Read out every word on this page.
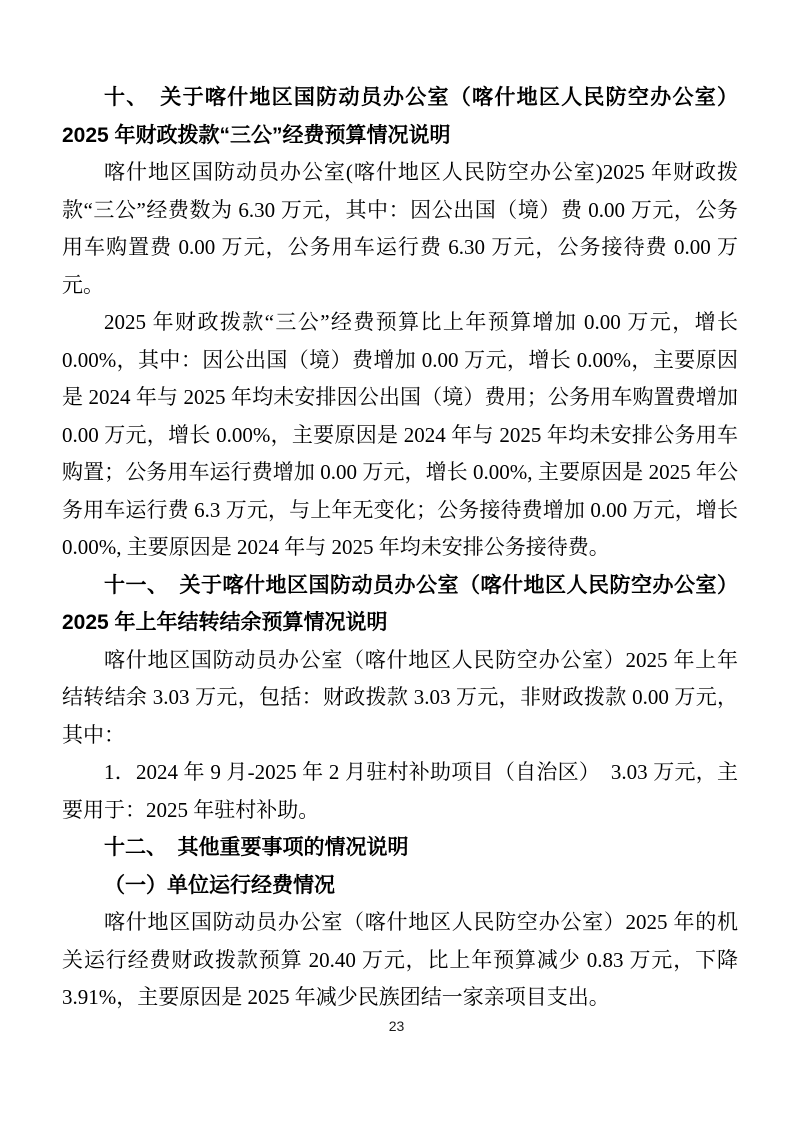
十、　关于喀什地区国防动员办公室（喀什地区人民防空办公室）2025 年财政拨款“三公”经费预算情况说明
喀什地区国防动员办公室(喀什地区人民防空办公室)2025 年财政拨款“三公”经费数为 6.30 万元，其中：因公出国（境）费 0.00 万元，公务用车购置费 0.00 万元，公务用车运行费 6.30 万元，公务接待费 0.00 万元。
2025 年财政拨款“三公”经费预算比上年预算增加 0.00 万元，增长 0.00%，其中：因公出国（境）费增加 0.00 万元，增长 0.00%，主要原因是 2024 年与 2025 年均未安排因公出国（境）费用；公务用车购置费增加 0.00 万元，增长 0.00%，主要原因是 2024 年与 2025 年均未安排公务用车购置；公务用车运行费增加 0.00 万元，增长 0.00%, 主要原因是 2025 年公务用车运行费 6.3 万元，与上年无变化；公务接待费增加 0.00 万元，增长 0.00%, 主要原因是 2024 年与 2025 年均未安排公务接待费。
十一、　关于喀什地区国防动员办公室（喀什地区人民防空办公室）2025 年上年结转结余预算情况说明
喀什地区国防动员办公室（喀什地区人民防空办公室）2025 年上年结转结余 3.03 万元，包括：财政拨款 3.03 万元，非财政拨款 0.00 万元，其中：
1．2024 年 9 月-2025 年 2 月驻村补助项目（自治区）　3.03 万元，主要用于：2025 年驻村补助。
十二、　其他重要事项的情况说明
（一）单位运行经费情况
喀什地区国防动员办公室（喀什地区人民防空办公室）2025 年的机关运行经费财政拨款预算 20.40 万元，比上年预算减少 0.83 万元，下降 3.91%，主要原因是 2025 年减少民族团结一家亲项目支出。
23
